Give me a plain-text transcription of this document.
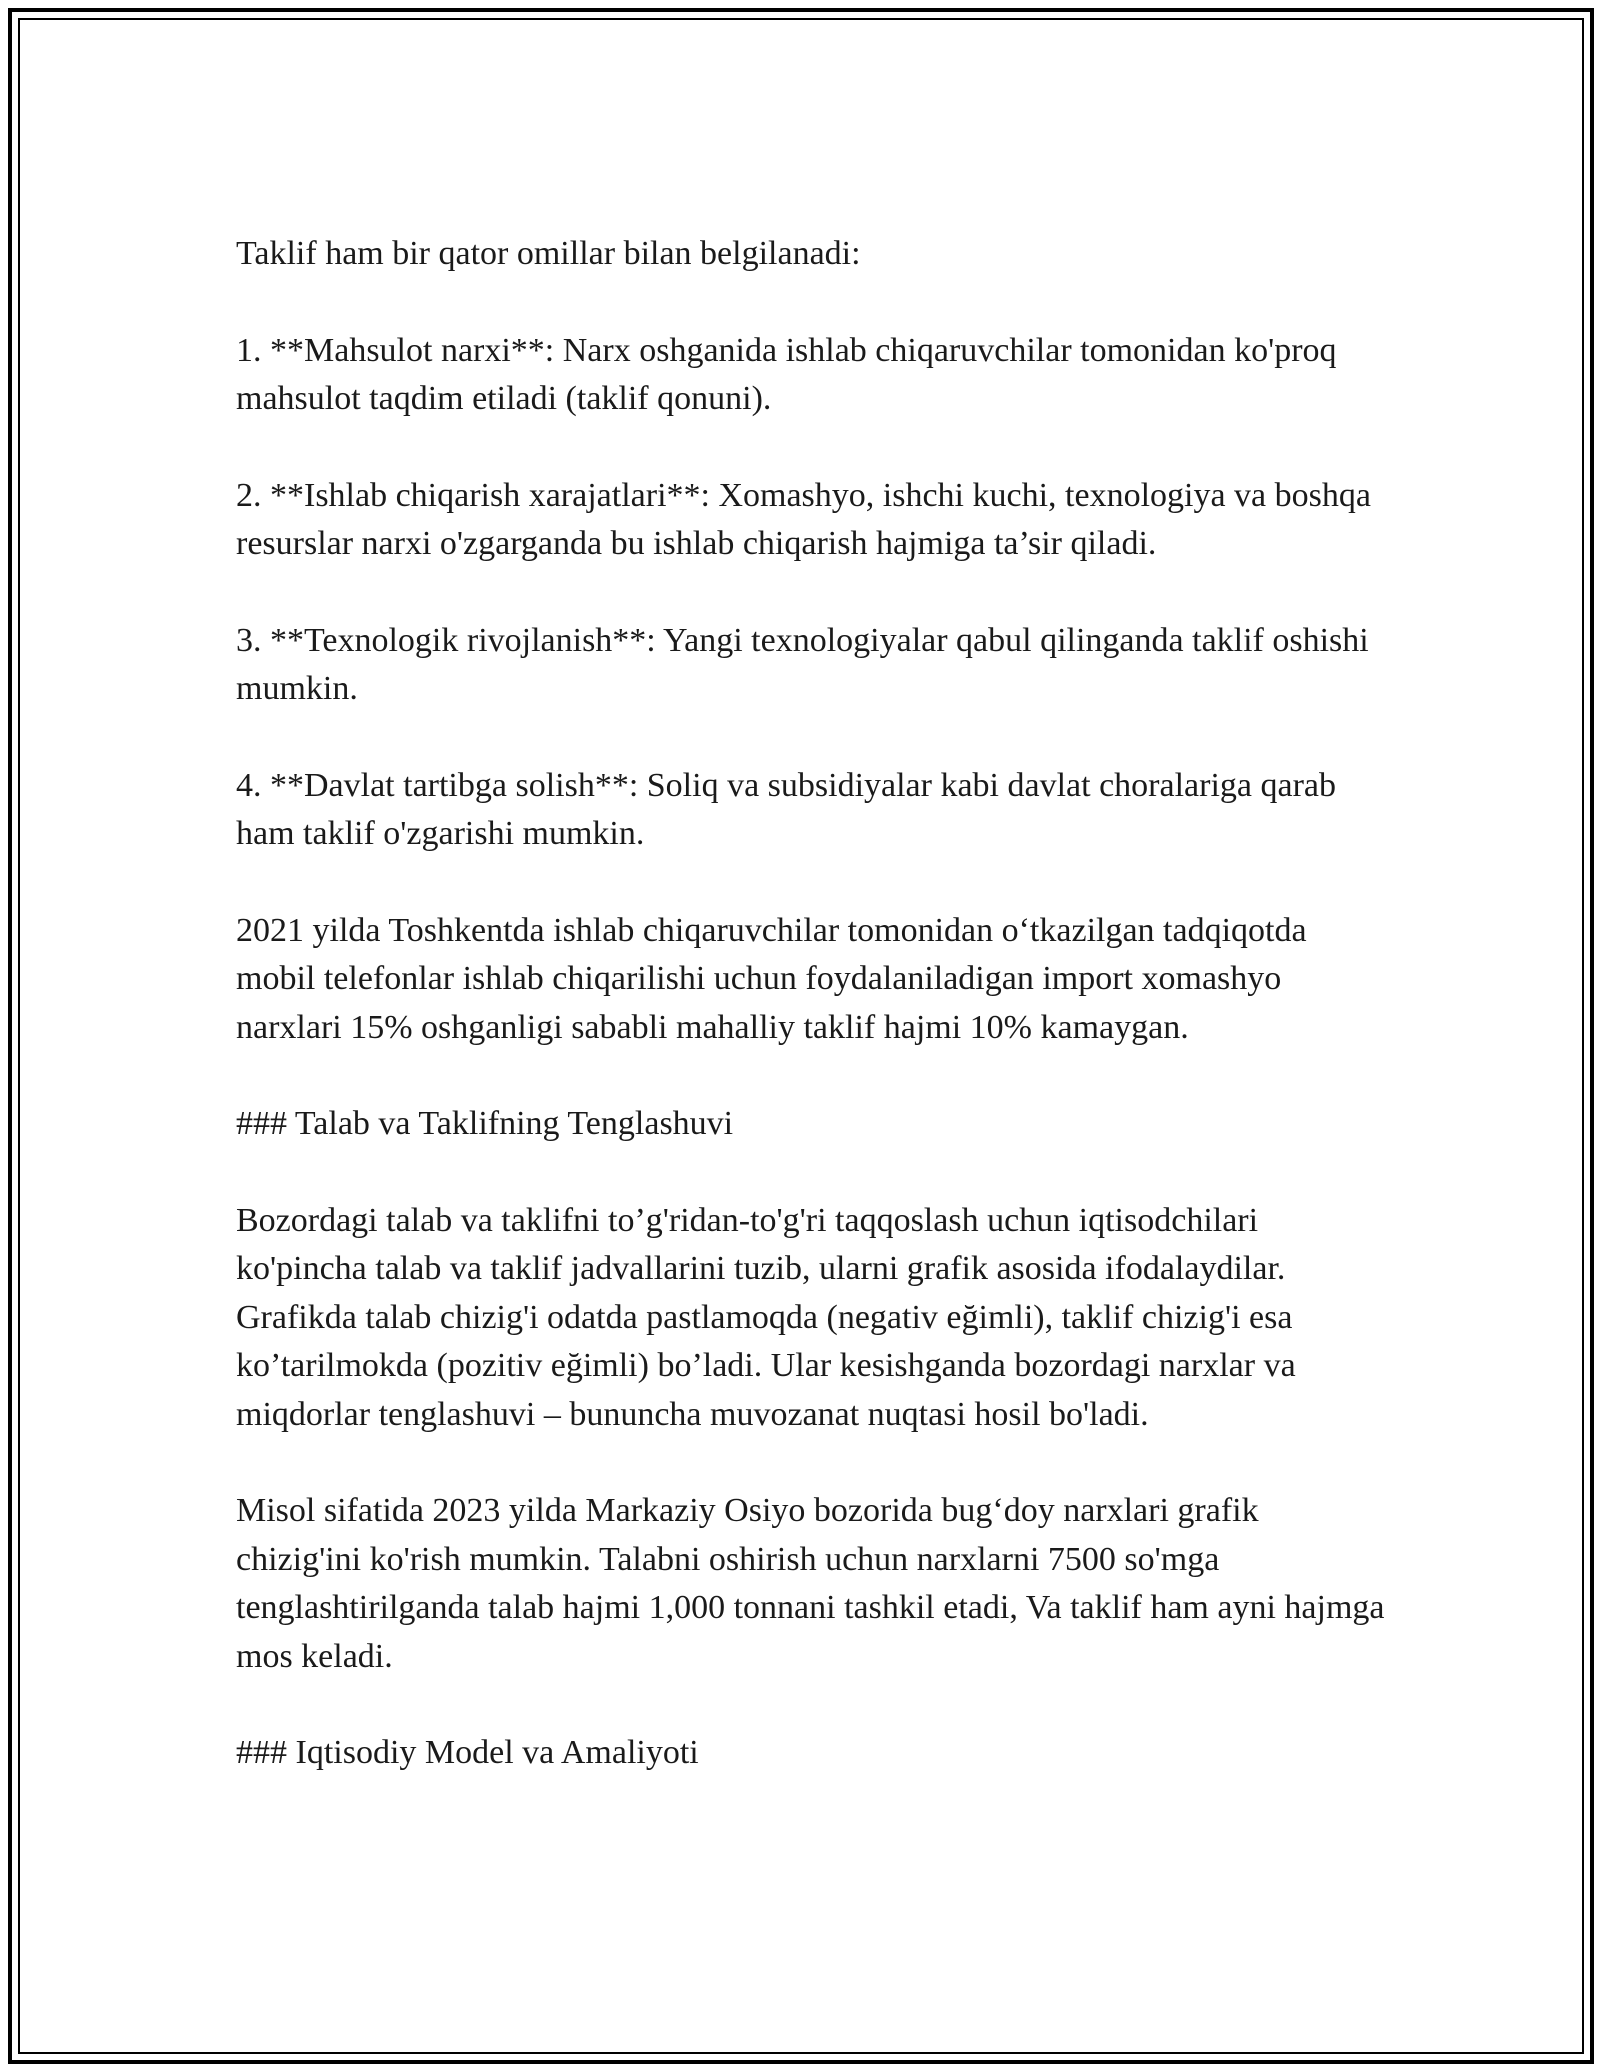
Taklif ham bir qator omillar bilan belgilanadi:

1. **Mahsulot narxi**: Narx oshganida ishlab chiqaruvchilar tomonidan ko'proq mahsulot taqdim etiladi (taklif qonuni).

2. **Ishlab chiqarish xarajatlari**: Xomashyo, ishchi kuchi, texnologiya va boshqa resurslar narxi o'zgarganda bu ishlab chiqarish hajmiga ta’sir qiladi.

3. **Texnologik rivojlanish**: Yangi texnologiyalar qabul qilinganda taklif oshishi mumkin.

4. **Davlat tartibga solish**: Soliq va subsidiyalar kabi davlat choralariga qarab ham taklif o'zgarishi mumkin.

2021 yilda Toshkentda ishlab chiqaruvchilar tomonidan o‘tkazilgan tadqiqotda mobil telefonlar ishlab chiqarilishi uchun foydalaniladigan import xomashyo narxlari 15% oshganligi sababli mahalliy taklif hajmi 10% kamaygan.

### Talab va Taklifning Tenglashuvi

Bozordagi talab va taklifni to’g'ridan-to'g'ri taqqoslash uchun iqtisodchilari ko'pincha talab va taklif jadvallarini tuzib, ularni grafik asosida ifodalaydilar. Grafikda talab chizig'i odatda pastlamoqda (negativ eğimli), taklif chizig'i esa ko’tarilmokda (pozitiv eğimli) bo’ladi. Ular kesishganda bozordagi narxlar va miqdorlar tenglashuvi – bununcha muvozanat nuqtasi hosil bo'ladi.

Misol sifatida 2023 yilda Markaziy Osiyo bozorida bug‘doy narxlari grafik chizig'ini ko'rish mumkin. Talabni oshirish uchun narxlarni 7500 so'mga tenglashtirilganda talab hajmi 1,000 tonnani tashkil etadi, Va taklif ham ayni hajmga mos keladi.

### Iqtisodiy Model va Amaliyoti
